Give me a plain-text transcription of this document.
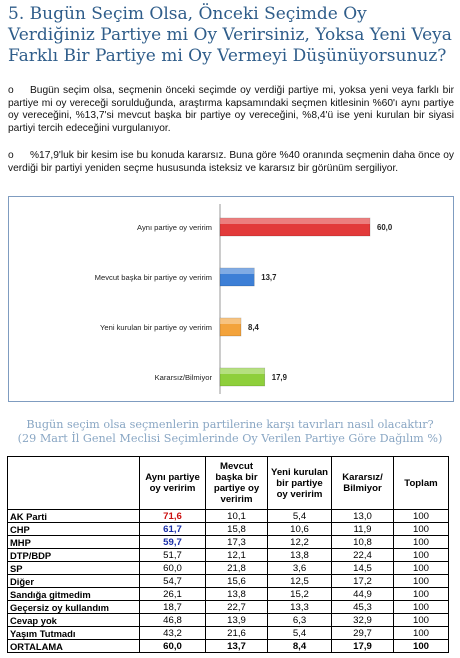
5. Bugün Seçim Olsa, Önceki Seçimde Oy Verdiğiniz Partiye mi Oy Verirsiniz, Yoksa Yeni Veya Farklı Bir Partiye mi Oy Vermeyi Düşünüyorsunuz?

o Bugün seçim olsa, seçmenin önceki seçimde oy verdiği partiye mi, yoksa yeni veya farklı bir partiye mi oy vereceği sorulduğunda, araştırma kapsamındaki seçmen kitlesinin %60'ı aynı partiye oy vereceğini, %13,7'si mevcut başka bir partiye oy vereceğini, %8,4'ü ise yeni kurulan bir siyasi partiyi tercih edeceğini vurgulanıyor.

o %17,9'luk bir kesim ise bu konuda kararsız. Buna göre %40 oranında seçmenin daha önce oy verdiği bir partiyi yeniden seçme hususunda isteksiz ve kararsız bir görünüm sergiliyor.

Aynı partiye oy veririm	60,0
Mevcut başka bir partiye oy veririm	13,7
Yeni kurulan bir partiye oy veririm	8,4
Kararsız/Bilmiyor	17,9

Bugün seçim olsa seçmenlerin partilerine karşı tavırları nasıl olacaktır?
(29 Mart İl Genel Meclisi Seçimlerinde Oy Verilen Partiye Göre Dağılım %)

	Aynı partiye oy veririm	Mevcut başka bir partiye oy veririm	Yeni kurulan bir partiye oy veririm	Kararsız/ Bilmiyor	Toplam
AK Parti	71,6	10,1	5,4	13,0	100
CHP	61,7	15,8	10,6	11,9	100
MHP	59,7	17,3	12,2	10,8	100
DTP/BDP	51,7	12,1	13,8	22,4	100
SP	60,0	21,8	3,6	14,5	100
Diğer	54,7	15,6	12,5	17,2	100
Sandığa gitmedim	26,1	13,8	15,2	44,9	100
Geçersiz oy kullandım	18,7	22,7	13,3	45,3	100
Cevap yok	46,8	13,9	6,3	32,9	100
Yaşım Tutmadı	43,2	21,6	5,4	29,7	100
ORTALAMA	60,0	13,7	8,4	17,9	100
